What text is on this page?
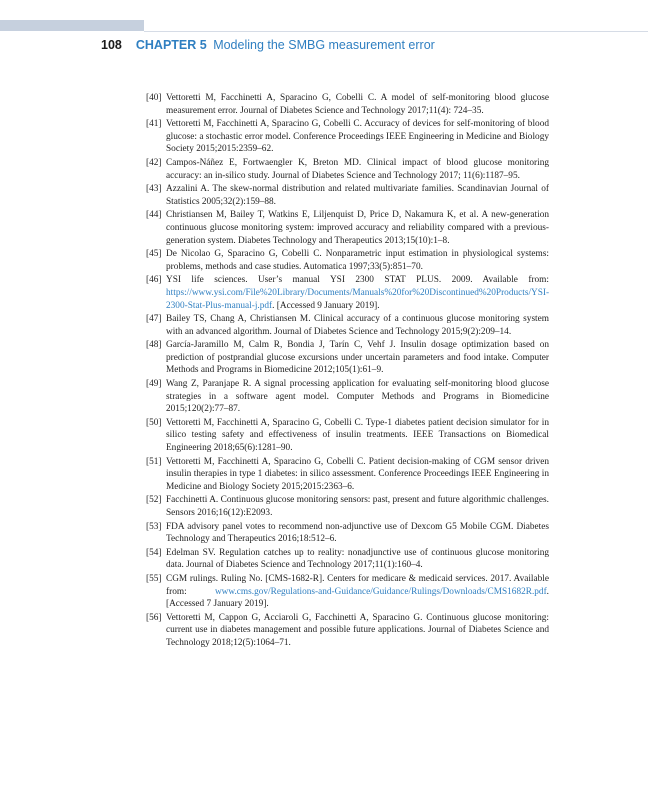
108 CHAPTER 5 Modeling the SMBG measurement error
[40] Vettoretti M, Facchinetti A, Sparacino G, Cobelli C. A model of self-monitoring blood glucose measurement error. Journal of Diabetes Science and Technology 2017;11(4): 724–35.
[41] Vettoretti M, Facchinetti A, Sparacino G, Cobelli C. Accuracy of devices for self-monitoring of blood glucose: a stochastic error model. Conference Proceedings IEEE Engineering in Medicine and Biology Society 2015;2015:2359–62.
[42] Campos-Náñez E, Fortwaengler K, Breton MD. Clinical impact of blood glucose monitoring accuracy: an in-silico study. Journal of Diabetes Science and Technology 2017; 11(6):1187–95.
[43] Azzalini A. The skew-normal distribution and related multivariate families. Scandinavian Journal of Statistics 2005;32(2):159–88.
[44] Christiansen M, Bailey T, Watkins E, Liljenquist D, Price D, Nakamura K, et al. A new-generation continuous glucose monitoring system: improved accuracy and reliability compared with a previous-generation system. Diabetes Technology and Therapeutics 2013;15(10):1–8.
[45] De Nicolao G, Sparacino G, Cobelli C. Nonparametric input estimation in physiological systems: problems, methods and case studies. Automatica 1997;33(5):851–70.
[46] YSI life sciences. User’s manual YSI 2300 STAT PLUS. 2009. Available from: https://www.ysi.com/File%20Library/Documents/Manuals%20for%20Discontinued%20Products/YSI-2300-Stat-Plus-manual-j.pdf. [Accessed 9 January 2019].
[47] Bailey TS, Chang A, Christiansen M. Clinical accuracy of a continuous glucose monitoring system with an advanced algorithm. Journal of Diabetes Science and Technology 2015;9(2):209–14.
[48] García-Jaramillo M, Calm R, Bondia J, Tarín C, Vehf J. Insulin dosage optimization based on prediction of postprandial glucose excursions under uncertain parameters and food intake. Computer Methods and Programs in Biomedicine 2012;105(1):61–9.
[49] Wang Z, Paranjape R. A signal processing application for evaluating self-monitoring blood glucose strategies in a software agent model. Computer Methods and Programs in Biomedicine 2015;120(2):77–87.
[50] Vettoretti M, Facchinetti A, Sparacino G, Cobelli C. Type-1 diabetes patient decision simulator for in silico testing safety and effectiveness of insulin treatments. IEEE Transactions on Biomedical Engineering 2018;65(6):1281–90.
[51] Vettoretti M, Facchinetti A, Sparacino G, Cobelli C. Patient decision-making of CGM sensor driven insulin therapies in type 1 diabetes: in silico assessment. Conference Proceedings IEEE Engineering in Medicine and Biology Society 2015;2015:2363–6.
[52] Facchinetti A. Continuous glucose monitoring sensors: past, present and future algorithmic challenges. Sensors 2016;16(12):E2093.
[53] FDA advisory panel votes to recommend non-adjunctive use of Dexcom G5 Mobile CGM. Diabetes Technology and Therapeutics 2016;18:512–6.
[54] Edelman SV. Regulation catches up to reality: nonadjunctive use of continuous glucose monitoring data. Journal of Diabetes Science and Technology 2017;11(1):160–4.
[55] CGM rulings. Ruling No. [CMS-1682-R]. Centers for medicare & medicaid services. 2017. Available from: www.cms.gov/Regulations-and-Guidance/Guidance/Rulings/Downloads/CMS1682R.pdf. [Accessed 7 January 2019].
[56] Vettoretti M, Cappon G, Acciaroli G, Facchinetti A, Sparacino G. Continuous glucose monitoring: current use in diabetes management and possible future applications. Journal of Diabetes Science and Technology 2018;12(5):1064–71.
